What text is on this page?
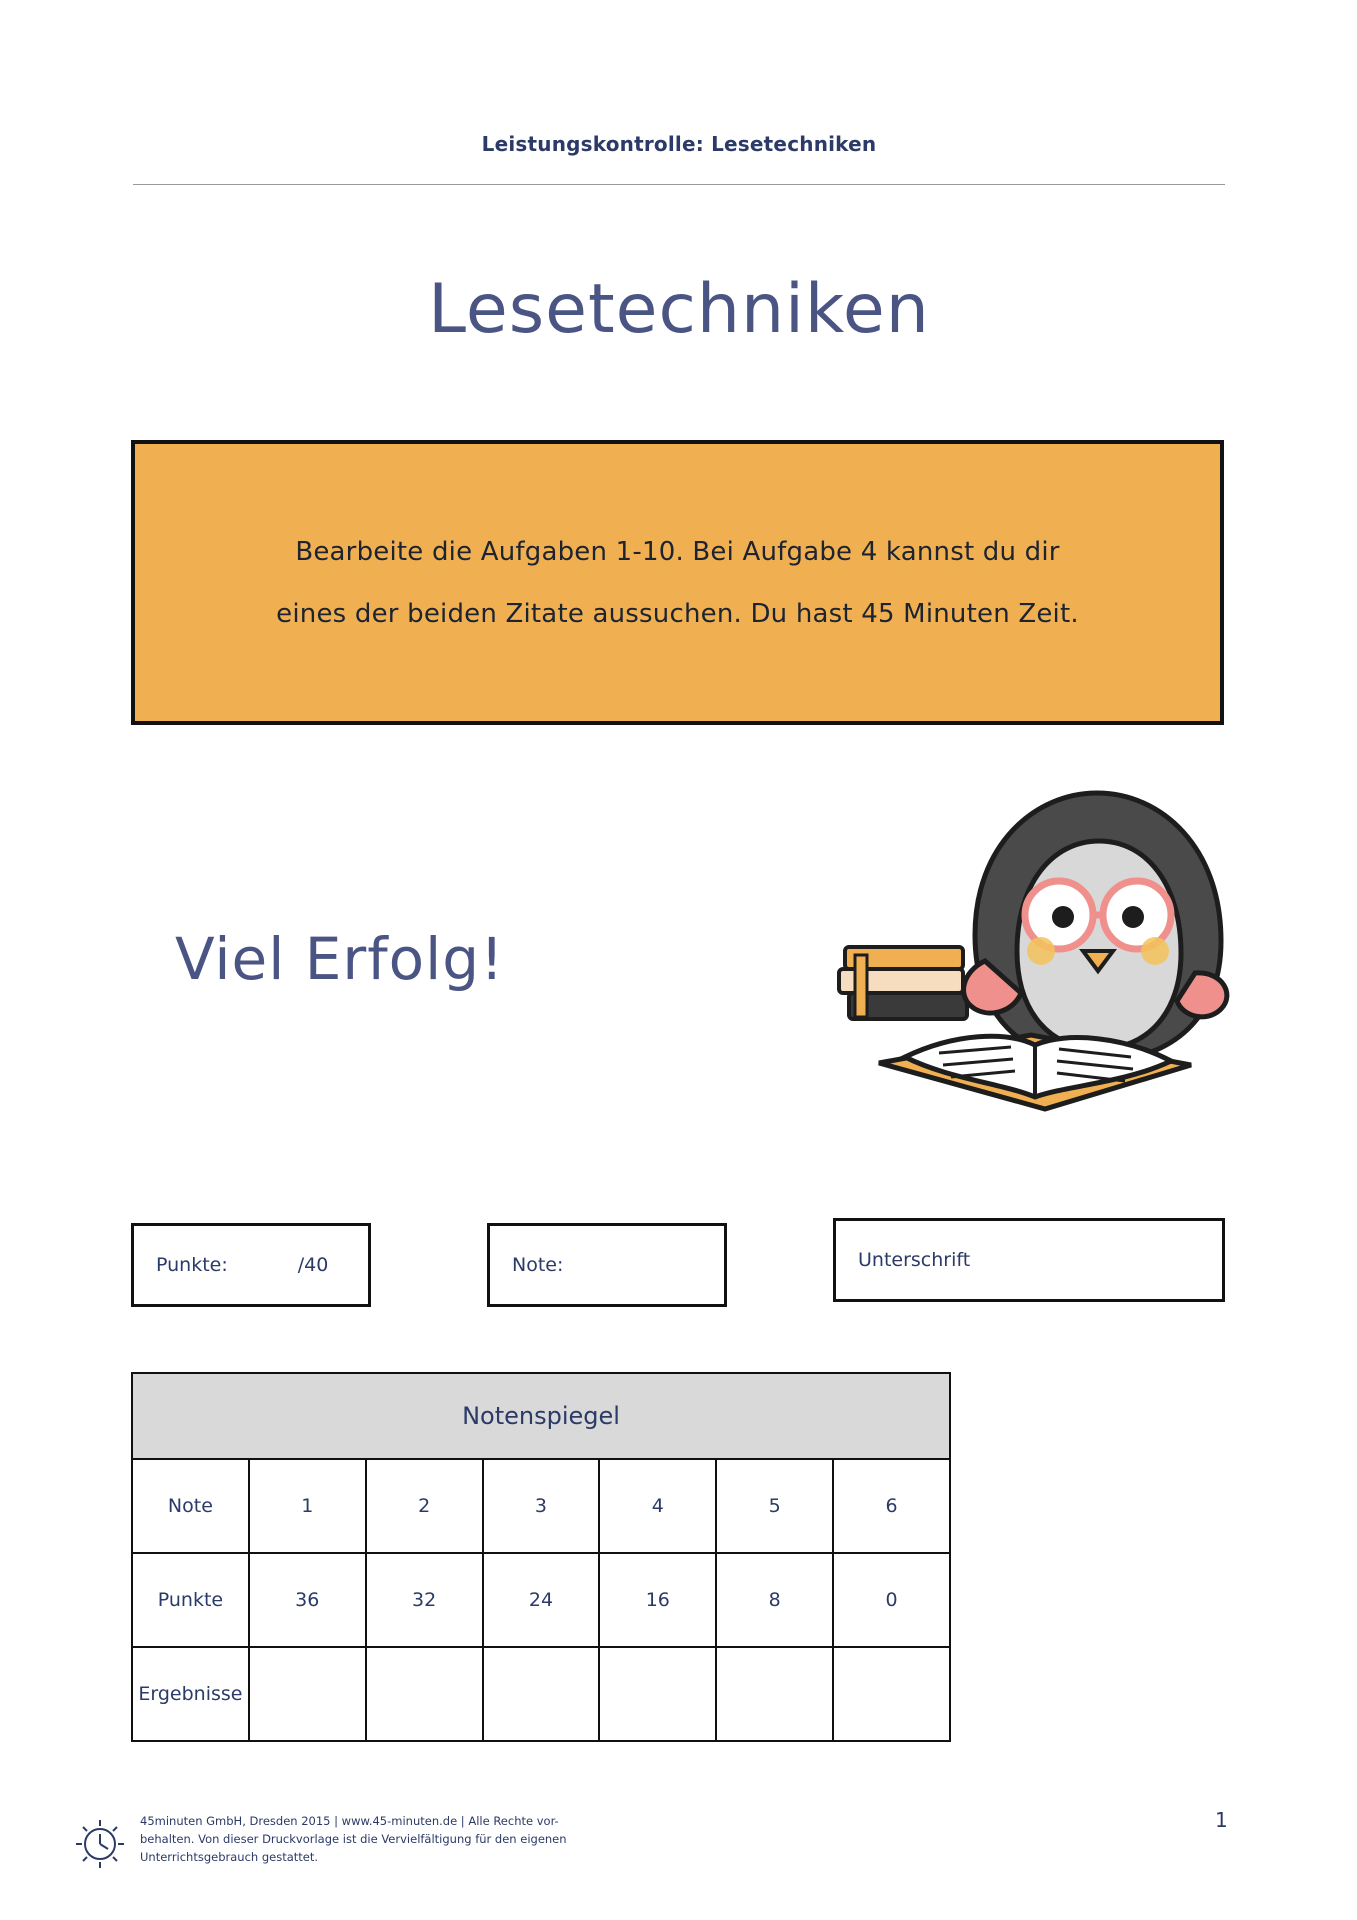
Leistungskontrolle: Lesetechniken
Lesetechniken
Bearbeite die Aufgaben 1-10. Bei Aufgabe 4 kannst du dir
eines der beiden Zitate aussuchen. Du hast 45 Minuten Zeit.
Viel Erfolg!
Punkte:	/40	Note:	Unterschrift
Notenspiegel						
Note	1	2	3	4	5	6
Punkte	36	32	24	16	8	0
Ergebnisse						
45minuten GmbH, Dresden 2015 | www.45-minuten.de | Alle Rechte vor-
behalten. Von dieser Druckvorlage ist die Vervielfältigung für den eigenen
Unterrichtsgebrauch gestattet.
1
